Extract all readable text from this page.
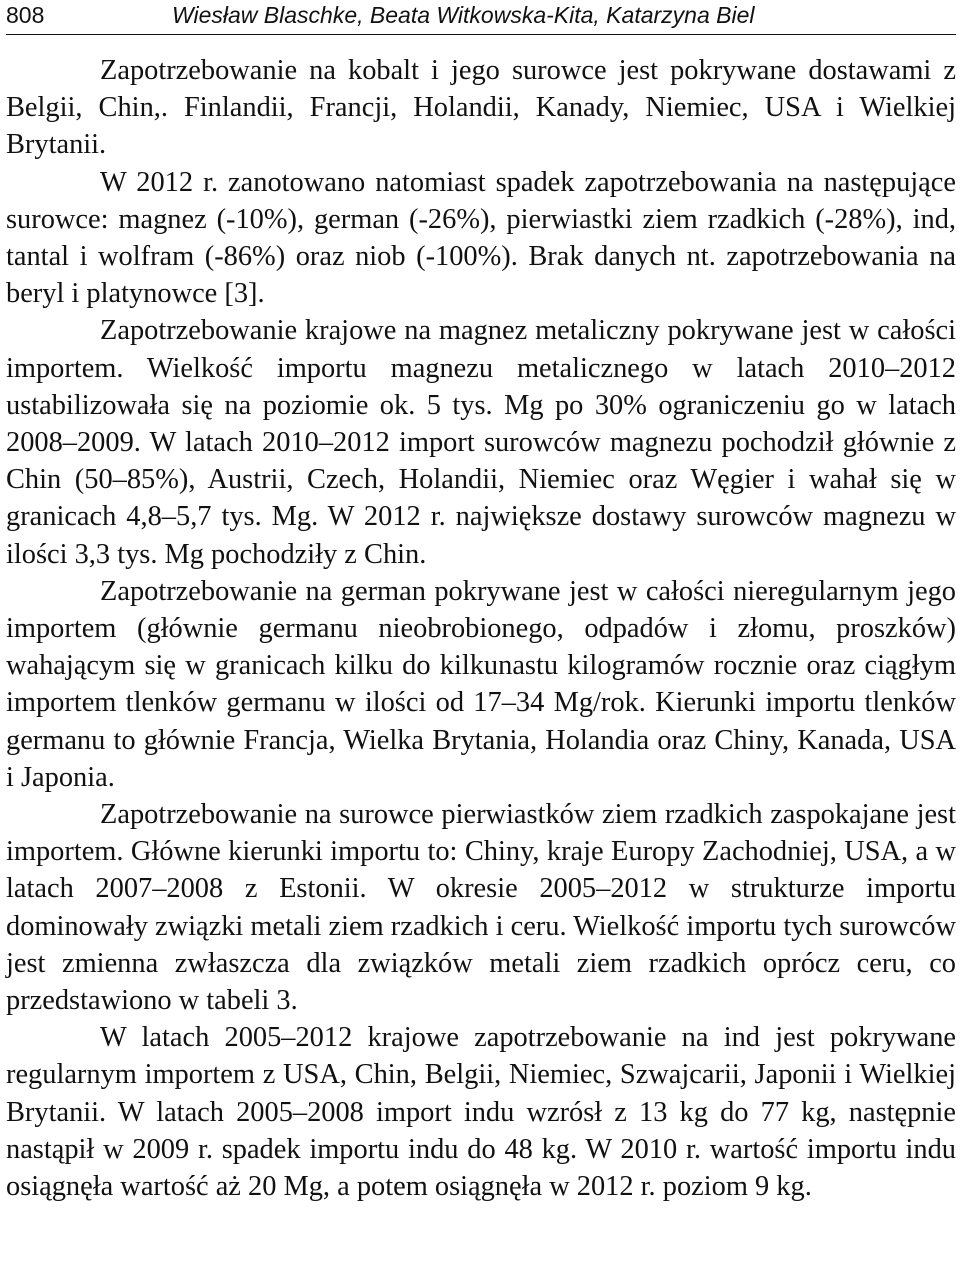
808	Wiesław Blaschke, Beata Witkowska-Kita, Katarzyna Biel

Zapotrzebowanie na kobalt i jego surowce jest pokrywane dostawami z Belgii, Chin,. Finlandii, Francji, Holandii, Kanady, Niemiec, USA i Wielkiej Brytanii.

W 2012 r. zanotowano natomiast spadek zapotrzebowania na następujące surowce: magnez (-10%), german (-26%), pierwiastki ziem rzadkich (-28%), ind, tantal i wolfram (-86%) oraz niob (-100%). Brak danych nt. zapotrzebowania na beryl i platynowce [3].

Zapotrzebowanie krajowe na magnez metaliczny pokrywane jest w całości importem. Wielkość importu magnezu metalicznego w latach 2010–2012 ustabilizowała się na poziomie ok. 5 tys. Mg po 30% ograniczeniu go w latach 2008–2009. W latach 2010–2012 import surowców magnezu pochodził głównie z Chin (50–85%), Austrii, Czech, Holandii, Niemiec oraz Węgier i wahał się w granicach 4,8–5,7 tys. Mg. W 2012 r. największe dostawy surowców magnezu w ilości 3,3 tys. Mg pochodziły z Chin.

Zapotrzebowanie na german pokrywane jest w całości nieregularnym jego importem (głównie germanu nieobrobionego, odpadów i złomu, proszków) wahającym się w granicach kilku do kilkunastu kilogramów rocznie oraz ciągłym importem tlenków germanu w ilości od 17–34 Mg/rok. Kierunki importu tlenków germanu to głównie Francja, Wielka Brytania, Holandia oraz Chiny, Kanada, USA i Japonia.

Zapotrzebowanie na surowce pierwiastków ziem rzadkich zaspokajane jest importem. Główne kierunki importu to: Chiny, kraje Europy Zachodniej, USA, a w latach 2007–2008 z Estonii. W okresie 2005–2012 w strukturze importu dominowały związki metali ziem rzadkich i ceru. Wielkość importu tych surowców jest zmienna zwłaszcza dla związków metali ziem rzadkich oprócz ceru, co przedstawiono w tabeli 3.

W latach 2005–2012 krajowe zapotrzebowanie na ind jest pokrywane regularnym importem z USA, Chin, Belgii, Niemiec, Szwajcarii, Japonii i Wielkiej Brytanii. W latach 2005–2008 import indu wzrósł z 13 kg do 77 kg, następnie nastąpił w 2009 r. spadek importu indu do 48 kg. W 2010 r. wartość importu indu osiągnęła wartość aż 20 Mg, a potem osiągnęła w 2012 r. poziom 9 kg.
